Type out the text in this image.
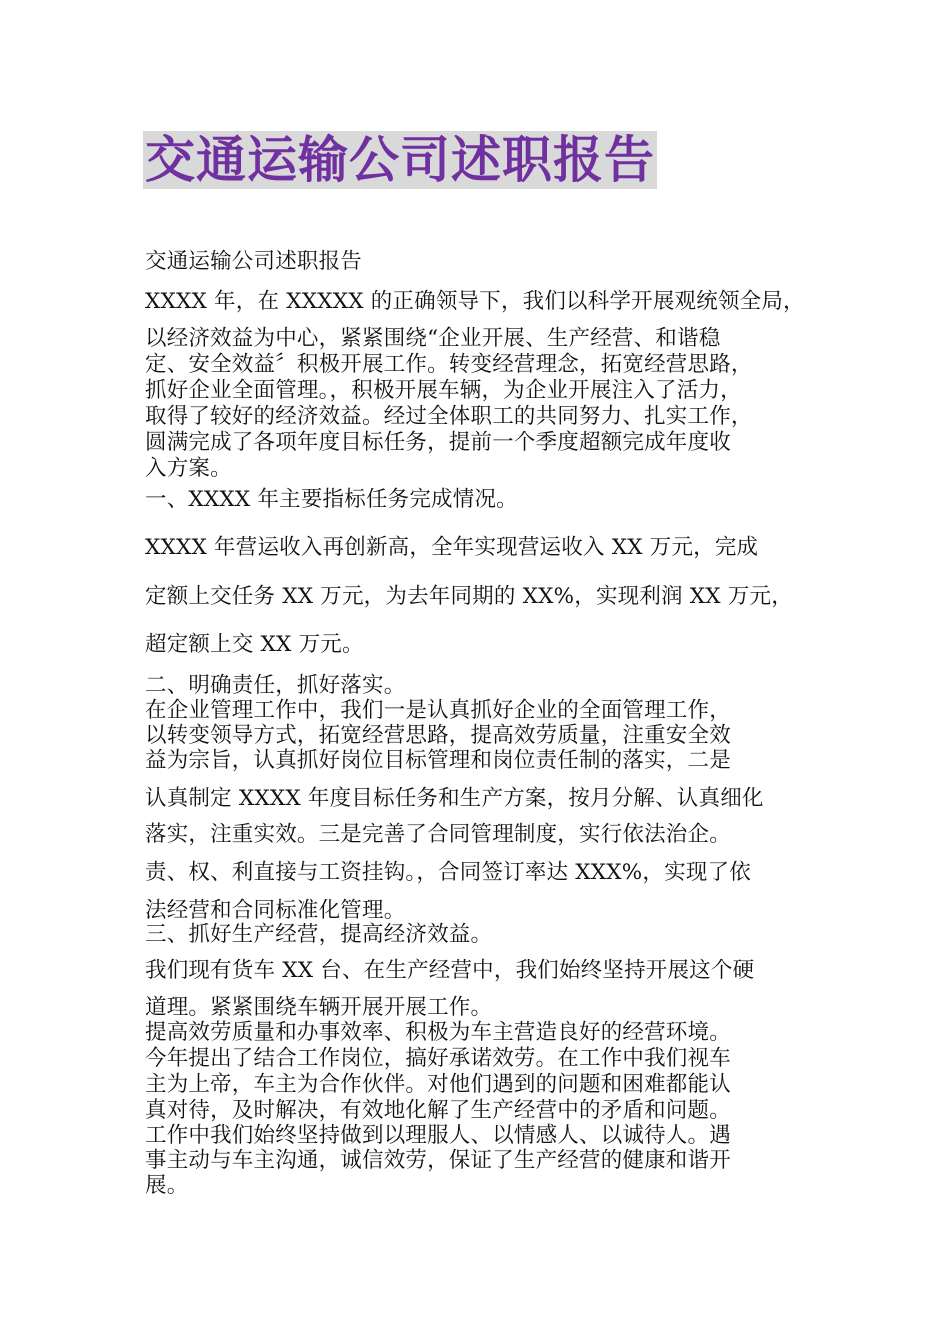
交通运输公司述职报告
交通运输公司述职报告
XXXX 年，在 XXXXX 的正确领导下，我们以科学开展观统领全局，
以经济效益为中心，紧紧围绕“企业开展、生产经营、和谐稳
定、安全效益〞积极开展工作。转变经营理念，拓宽经营思路，
抓好企业全面管理。，积极开展车辆，为企业开展注入了活力，
取得了较好的经济效益。经过全体职工的共同努力、扎实工作，
圆满完成了各项年度目标任务，提前一个季度超额完成年度收
入方案。
一、XXXX 年主要指标任务完成情况。
XXXX 年营运收入再创新高，全年实现营运收入 XX 万元，完成
定额上交任务 XX 万元，为去年同期的 XX%，实现利润 XX 万元，
超定额上交 XX 万元。
二、明确责任，抓好落实。
在企业管理工作中，我们一是认真抓好企业的全面管理工作，
以转变领导方式，拓宽经营思路，提高效劳质量，注重安全效
益为宗旨，认真抓好岗位目标管理和岗位责任制的落实，二是
认真制定 XXXX 年度目标任务和生产方案，按月分解、认真细化
落实，注重实效。三是完善了合同管理制度，实行依法治企。
责、权、利直接与工资挂钩。，合同签订率达 XXX%，实现了依
法经营和合同标准化管理。
三、抓好生产经营，提高经济效益。
我们现有货车 XX 台、在生产经营中，我们始终坚持开展这个硬
道理。紧紧围绕车辆开展开展工作。
提高效劳质量和办事效率、积极为车主营造良好的经营环境。
今年提出了结合工作岗位，搞好承诺效劳。在工作中我们视车
主为上帝，车主为合作伙伴。对他们遇到的问题和困难都能认
真对待，及时解决，有效地化解了生产经营中的矛盾和问题。
工作中我们始终坚持做到以理服人、以情感人、以诚待人。遇
事主动与车主沟通，诚信效劳，保证了生产经营的健康和谐开
展。
